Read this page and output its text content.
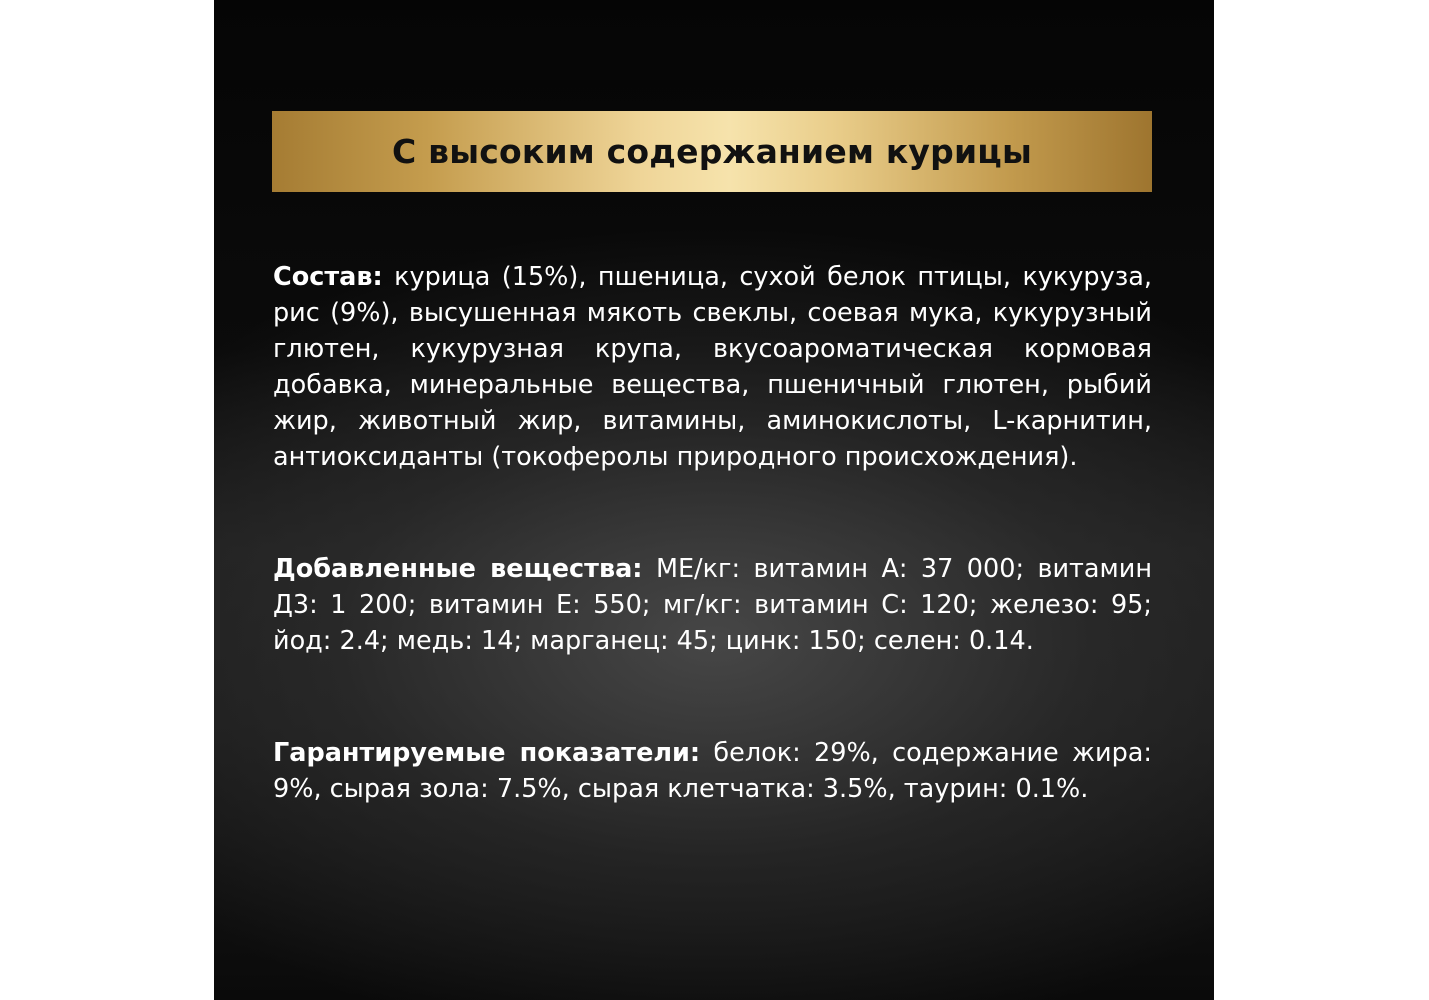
С высоким содержанием курицы

Состав: курица (15%), пшеница, сухой белок птицы, кукуруза, рис (9%), высушенная мякоть свеклы, соевая мука, кукурузный глютен, кукурузная крупа, вкусоароматическая кормовая добавка, минеральные вещества, пшеничный глютен, рыбий жир, животный жир, витамины, аминокислоты, L-карнитин, антиоксиданты (токоферолы природного происхождения).

Добавленные вещества: МЕ/кг: витамин А: 37 000; витамин Д3: 1 200; витамин Е: 550; мг/кг: витамин С: 120; железо: 95; йод: 2.4; медь: 14; марганец: 45; цинк: 150; селен: 0.14.

Гарантируемые показатели: белок: 29%, содержание жира: 9%, сырая зола: 7.5%, сырая клетчатка: 3.5%, таурин: 0.1%.
